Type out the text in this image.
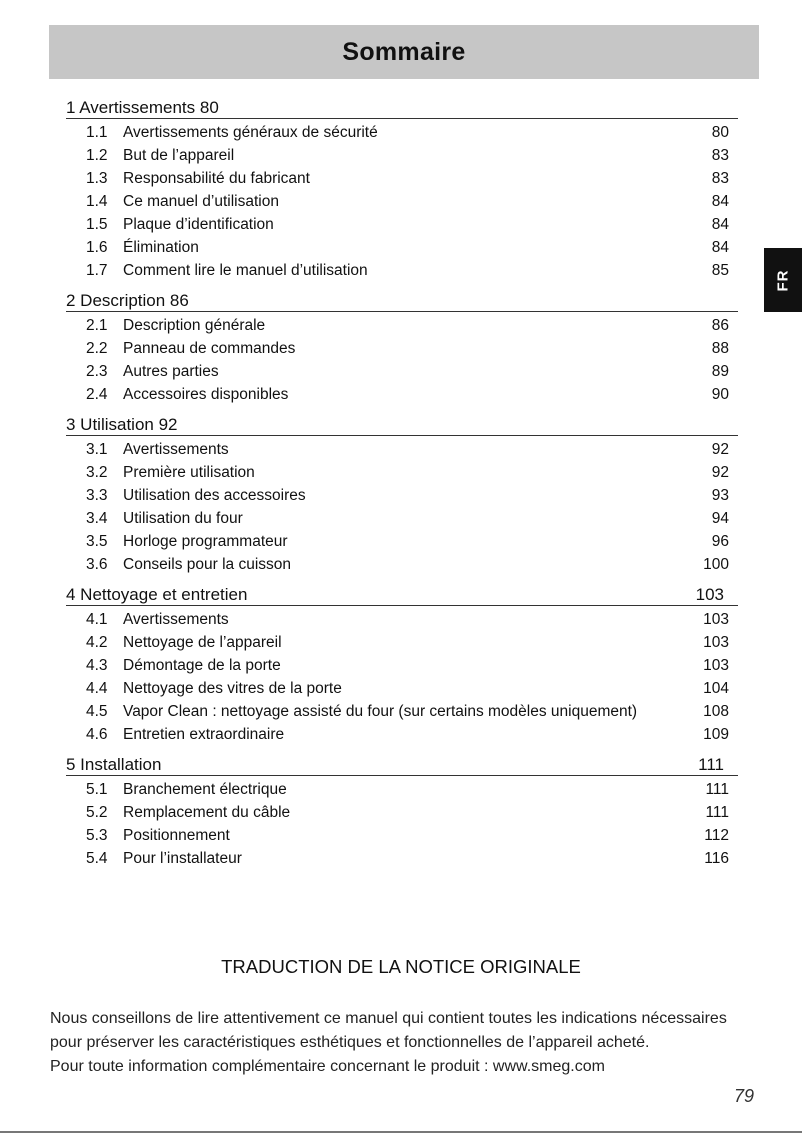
Sommaire
FR
1 Avertissements 80
1.1 Avertissements généraux de sécurité	80
1.2 But de l’appareil	83
1.3 Responsabilité du fabricant	83
1.4 Ce manuel d’utilisation	84
1.5 Plaque d’identification	84
1.6 Élimination	84
1.7 Comment lire le manuel d’utilisation	85
2 Description 86
2.1 Description générale	86
2.2 Panneau de commandes	88
2.3 Autres parties	89
2.4 Accessoires disponibles	90
3 Utilisation 92
3.1 Avertissements	92
3.2 Première utilisation	92
3.3 Utilisation des accessoires	93
3.4 Utilisation du four	94
3.5 Horloge programmateur	96
3.6 Conseils pour la cuisson	100
4 Nettoyage et entretien	103
4.1 Avertissements	103
4.2 Nettoyage de l’appareil	103
4.3 Démontage de la porte	103
4.4 Nettoyage des vitres de la porte	104
4.5 Vapor Clean : nettoyage assisté du four (sur certains modèles uniquement)	108
4.6 Entretien extraordinaire	109
5 Installation	111
5.1 Branchement électrique	111
5.2 Remplacement du câble	111
5.3 Positionnement	112
5.4 Pour l’installateur	116
TRADUCTION DE LA NOTICE ORIGINALE

Nous conseillons de lire attentivement ce manuel qui contient toutes les indications nécessaires pour préserver les caractéristiques esthétiques et fonctionnelles de l’appareil acheté.

Pour toute information complémentaire concernant le produit : www.smeg.com

79
